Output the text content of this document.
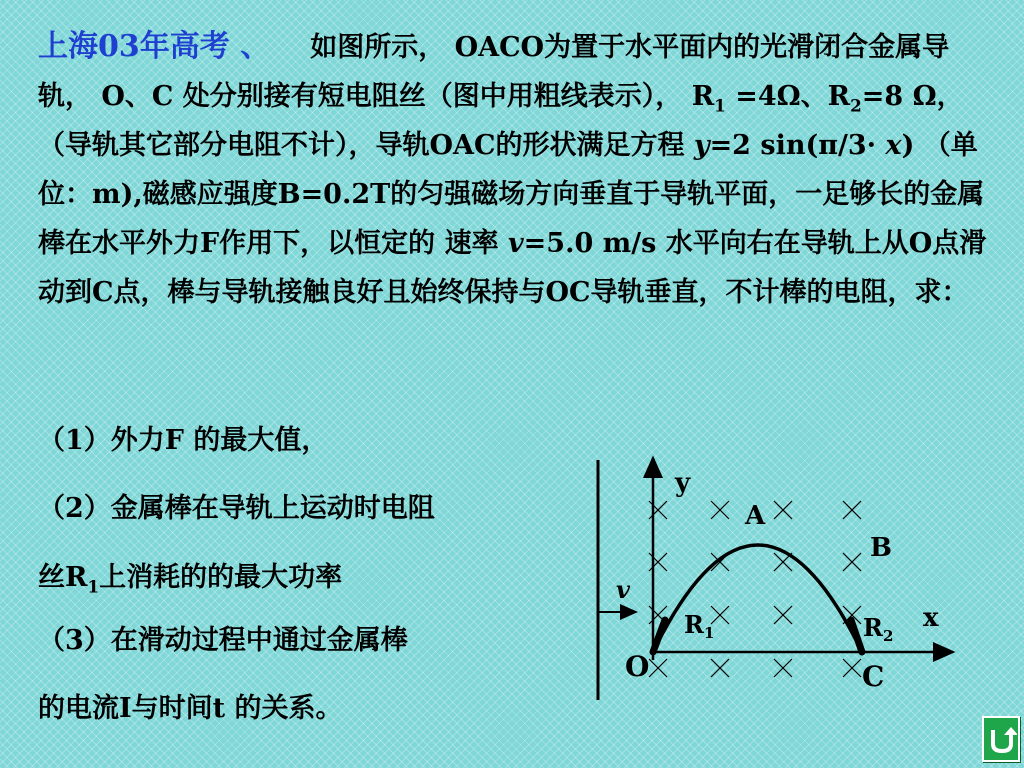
上海03年高考 、 如图所示， OACO为置于水平面内的光滑闭合金属导轨， O、C 处分别接有短电阻丝（图中用粗线表示）， $R_1 =4\Omega$、$R_2=8$ Ω，（导轨其它部分电阻不计），导轨OAC的形状满足方程 y=2 sin(π/3· x) （单位：m),磁感应强度B=0.2T的匀强磁场方向垂直于导轨平面，一足够长的金属棒在水平外力F作用下，以恒定的 速率 v=5.0 m/s 水平向右在导轨上从O点滑动到C点，棒与导轨接触良好且始终保持与OC导轨垂直，不计棒的电阻，求：
（1）外力F 的最大值，
（2）金属棒在导轨上运动时电阻
丝$R_1$上消耗的的最大功率
（3）在滑动过程中通过金属棒
的电流I与时间t 的关系。
v
y
x
$R_1$	$R_2$
A
B
O	C
